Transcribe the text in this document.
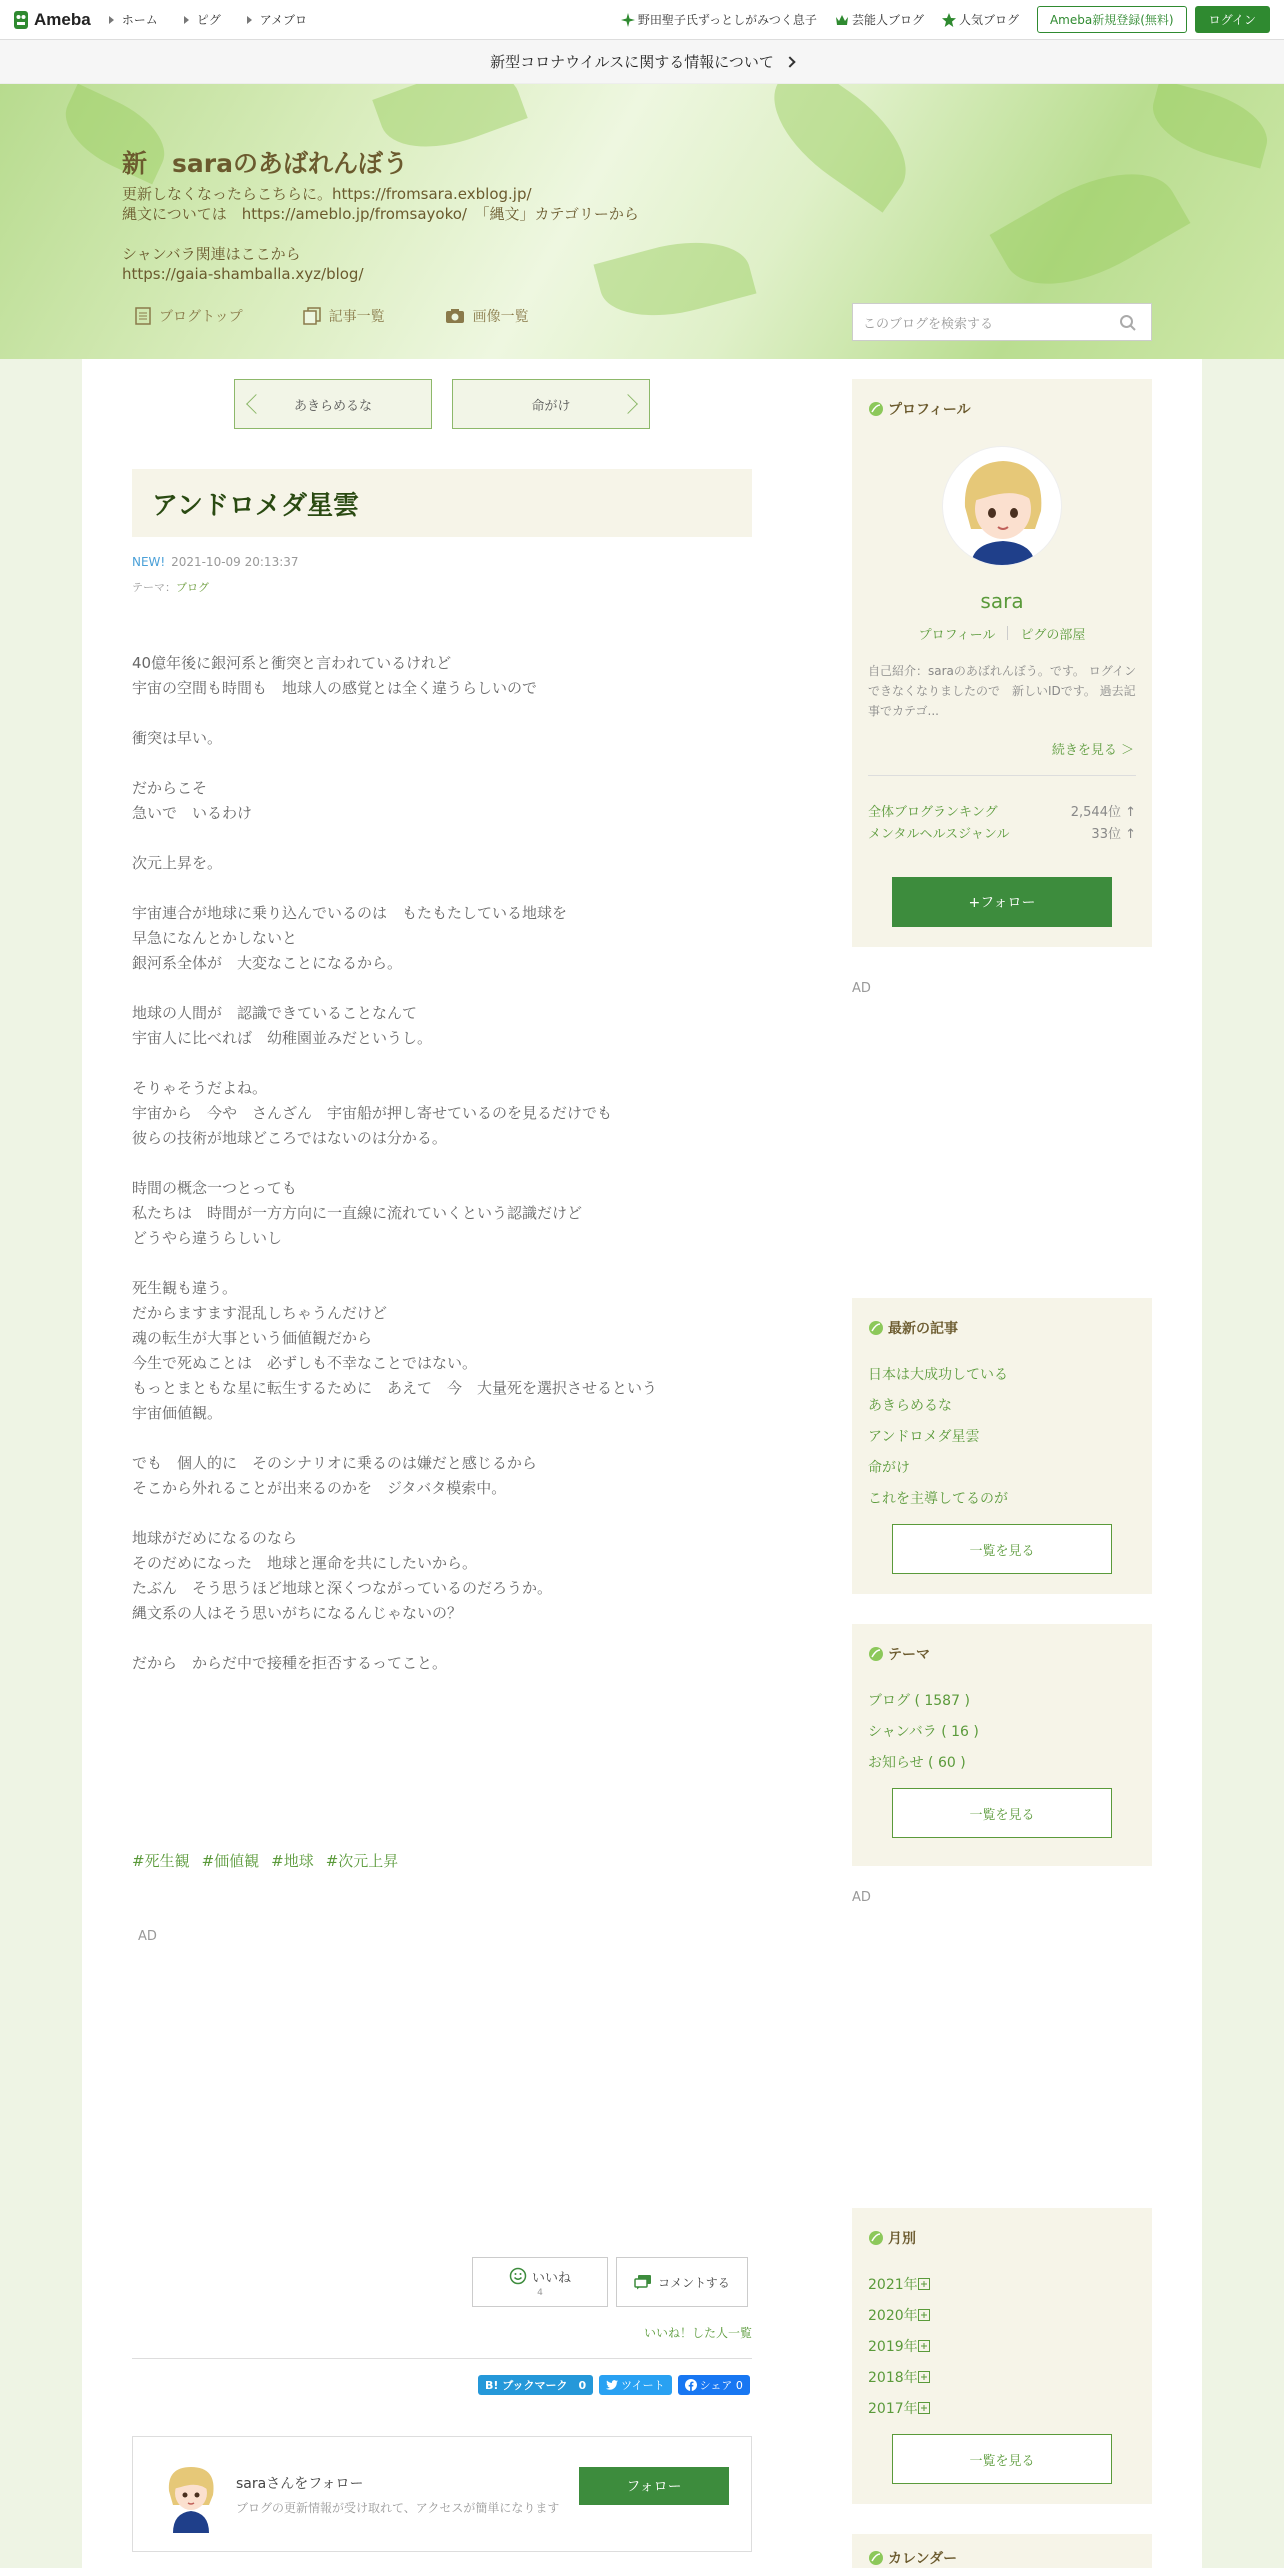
Ameba	ホーム	ピグ	アメブロ	野田聖子氏ずっとしがみつく息子	芸能人ブログ	人気ブログ	Ameba新規登録(無料)	ログイン
新型コロナウイルスに関する情報について
新　saraのあばれんぼう
更新しなくなったらこちらに。https://fromsara.exblog.jp/
縄文については　https://ameblo.jp/fromsayoko/　「縄文」カテゴリーから
シャンバラ関連はここから
https://gaia-shamballa.xyz/blog/
ブログトップ	記事一覧	画像一覧	このブログを検索する
あきらめるな	命がけ
アンドロメダ星雲
NEW! 2021-10-09 20:13:37
テーマ：ブログ

40億年後に銀河系と衝突と言われているけれど
宇宙の空間も時間も　地球人の感覚とは全く違うらしいので

衝突は早い。

だからこそ
急いで　いるわけ

次元上昇を。

宇宙連合が地球に乗り込んでいるのは　もたもたしている地球を
早急になんとかしないと
銀河系全体が　大変なことになるから。

地球の人間が　認識できていることなんて
宇宙人に比べれば　幼稚園並みだというし。

そりゃそうだよね。
宇宙から　今や　さんざん　宇宙船が押し寄せているのを見るだけでも
彼らの技術が地球どころではないのは分かる。

時間の概念一つとっても
私たちは　時間が一方方向に一直線に流れていくという認識だけど
どうやら違うらしいし

死生観も違う。
だからますます混乱しちゃうんだけど
魂の転生が大事という価値観だから
今生で死ぬことは　必ずしも不幸なことではない。
もっとまともな星に転生するために　あえて　今　大量死を選択させるという
宇宙価値観。

でも　個人的に　そのシナリオに乗るのは嫌だと感じるから
そこから外れることが出来るのかを　ジタバタ模索中。

地球がだめになるのなら
そのだめになった　地球と運命を共にしたいから。
たぶん　そう思うほど地球と深くつながっているのだろうか。
縄文系の人はそう思いがちになるんじゃないの？

だから　からだ中で接種を拒否するってこと。

#死生観 #価値観 #地球 #次元上昇
AD
いいね
4
コメントする
いいね！した人一覧
B! ブックマーク　0	ツイート	シェア 0
saraさんをフォロー
ブログの更新情報が受け取れて、アクセスが簡単になります
フォロー
プロフィール
sara
プロフィール ピグの部屋
自己紹介：saraのあばれんぼう。です。 ログインできなくなりましたので　新しいIDです。 過去記事でカテゴ...
続きを見る ＞
全体ブログランキング	2,544位 ↑
メンタルヘルスジャンル	33位 ↑
+フォロー
AD
最新の記事
日本は大成功している
あきらめるな
アンドロメダ星雲
命がけ
これを主導してるのが
一覧を見る
テーマ
ブログ ( 1587 )
シャンバラ ( 16 )
お知らせ ( 60 )
一覧を見る
AD
月別
2021年
2020年
2019年
2018年
2017年
一覧を見る
カレンダー
